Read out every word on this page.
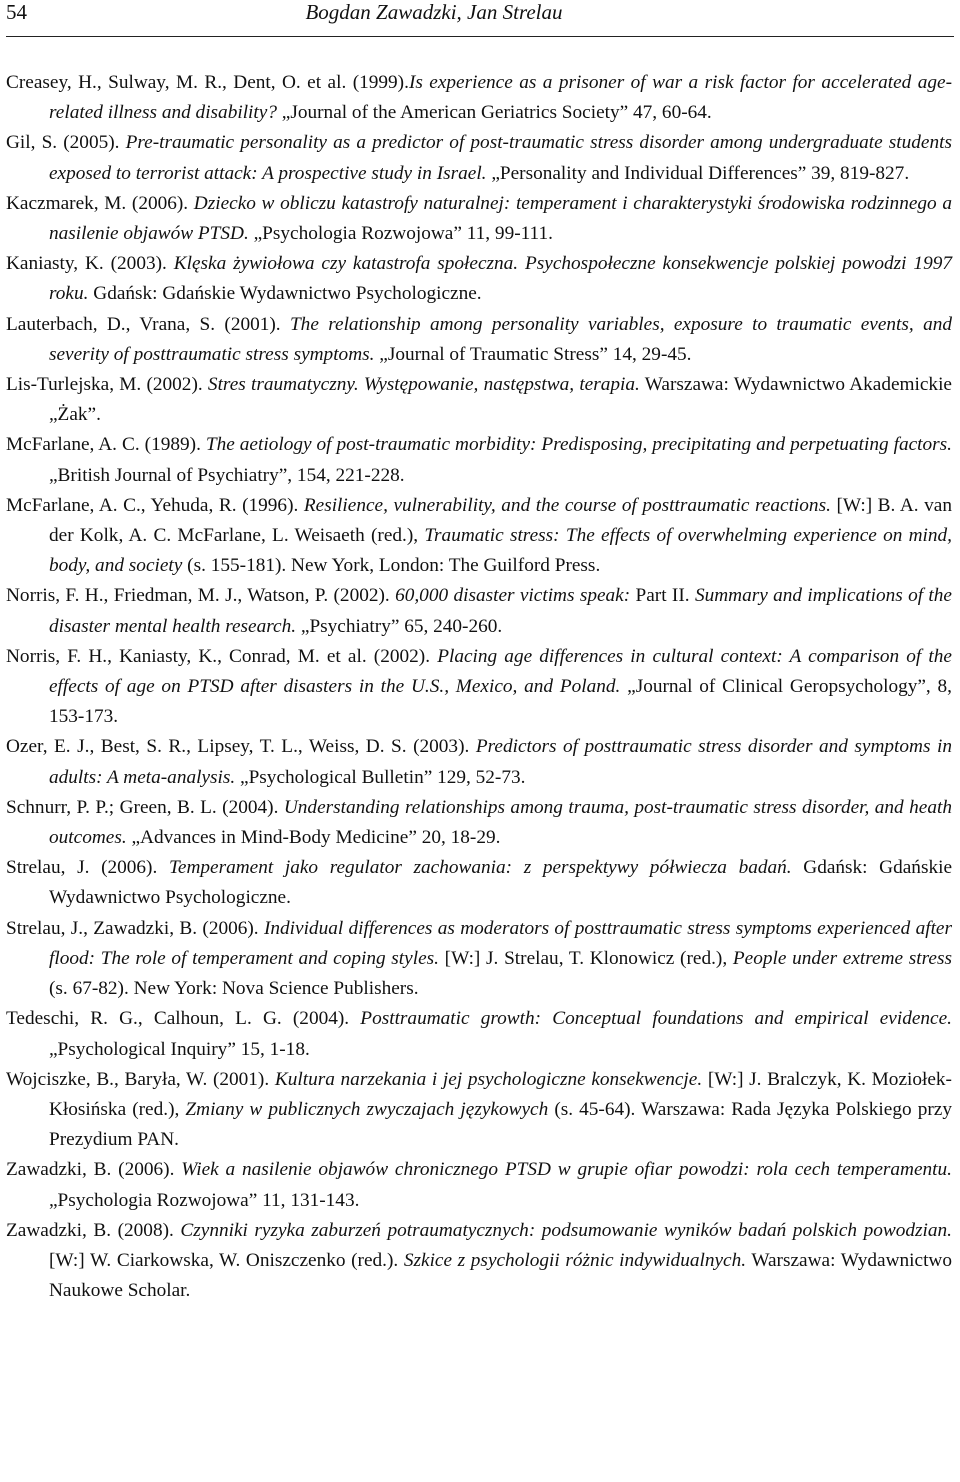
54	Bogdan Zawadzki, Jan Strelau

Creasey, H., Sulway, M. R., Dent, O. et al. (1999).Is experience as a prisoner of war a risk factor for accelerated age-related illness and disability? „Journal of the American Geriatrics Society” 47, 60-64.

Gil, S. (2005). Pre-traumatic personality as a predictor of post-traumatic stress disorder among undergraduate students exposed to terrorist attack: A prospective study in Israel. „Personality and Individual Differences” 39, 819-827.

Kaczmarek, M. (2006). Dziecko w obliczu katastrofy naturalnej: temperament i charakterystyki środowiska rodzinnego a nasilenie objawów PTSD. „Psychologia Rozwojowa” 11, 99-111.

Kaniasty, K. (2003). Klęska żywiołowa czy katastrofa społeczna. Psychospołeczne konsekwencje polskiej powodzi 1997 roku. Gdańsk: Gdańskie Wydawnictwo Psychologiczne.

Lauterbach, D., Vrana, S. (2001). The relationship among personality variables, exposure to traumatic events, and severity of posttraumatic stress symptoms. „Journal of Traumatic Stress” 14, 29-45.

Lis-Turlejska, M. (2002). Stres traumatyczny. Występowanie, następstwa, terapia. Warszawa: Wydawnictwo Akademickie „Żak”.

McFarlane, A. C. (1989). The aetiology of post-traumatic morbidity: Predisposing, precipitating and perpetuating factors. „British Journal of Psychiatry”, 154, 221-228.

McFarlane, A. C., Yehuda, R. (1996). Resilience, vulnerability, and the course of posttraumatic reactions. [W:] B. A. van der Kolk, A. C. McFarlane, L. Weisaeth (red.), Traumatic stress: The effects of overwhelming experience on mind, body, and society (s. 155-181). New York, London: The Guilford Press.

Norris, F. H., Friedman, M. J., Watson, P. (2002). 60,000 disaster victims speak: Part II. Summary and implications of the disaster mental health research. „Psychiatry” 65, 240-260.

Norris, F. H., Kaniasty, K., Conrad, M. et al. (2002). Placing age differences in cultural context: A comparison of the effects of age on PTSD after disasters in the U.S., Mexico, and Poland. „Journal of Clinical Geropsychology”, 8, 153-173.

Ozer, E. J., Best, S. R., Lipsey, T. L., Weiss, D. S. (2003). Predictors of posttraumatic stress disorder and symptoms in adults: A meta-analysis. „Psychological Bulletin” 129, 52-73.

Schnurr, P. P.; Green, B. L. (2004). Understanding relationships among trauma, post-traumatic stress disorder, and heath outcomes. „Advances in Mind-Body Medicine” 20, 18-29.

Strelau, J. (2006). Temperament jako regulator zachowania: z perspektywy półwiecza badań. Gdańsk: Gdańskie Wydawnictwo Psychologiczne.

Strelau, J., Zawadzki, B. (2006). Individual differences as moderators of posttraumatic stress symptoms experienced after flood: The role of temperament and coping styles. [W:] J. Strelau, T. Klonowicz (red.), People under extreme stress (s. 67-82). New York: Nova Science Publishers.

Tedeschi, R. G., Calhoun, L. G. (2004). Posttraumatic growth: Conceptual foundations and empirical evidence. „Psychological Inquiry” 15, 1-18.

Wojciszke, B., Baryła, W. (2001). Kultura narzekania i jej psychologiczne konsekwencje. [W:] J. Bralczyk, K. Moziołek-Kłosińska (red.), Zmiany w publicznych zwyczajach językowych (s. 45-64). Warszawa: Rada Języka Polskiego przy Prezydium PAN.

Zawadzki, B. (2006). Wiek a nasilenie objawów chronicznego PTSD w grupie ofiar powodzi: rola cech temperamentu. „Psychologia Rozwojowa” 11, 131-143.

Zawadzki, B. (2008). Czynniki ryzyka zaburzeń potraumatycznych: podsumowanie wyników badań polskich powodzian. [W:] W. Ciarkowska, W. Oniszczenko (red.). Szkice z psychologii różnic indywidualnych. Warszawa: Wydawnictwo Naukowe Scholar.
